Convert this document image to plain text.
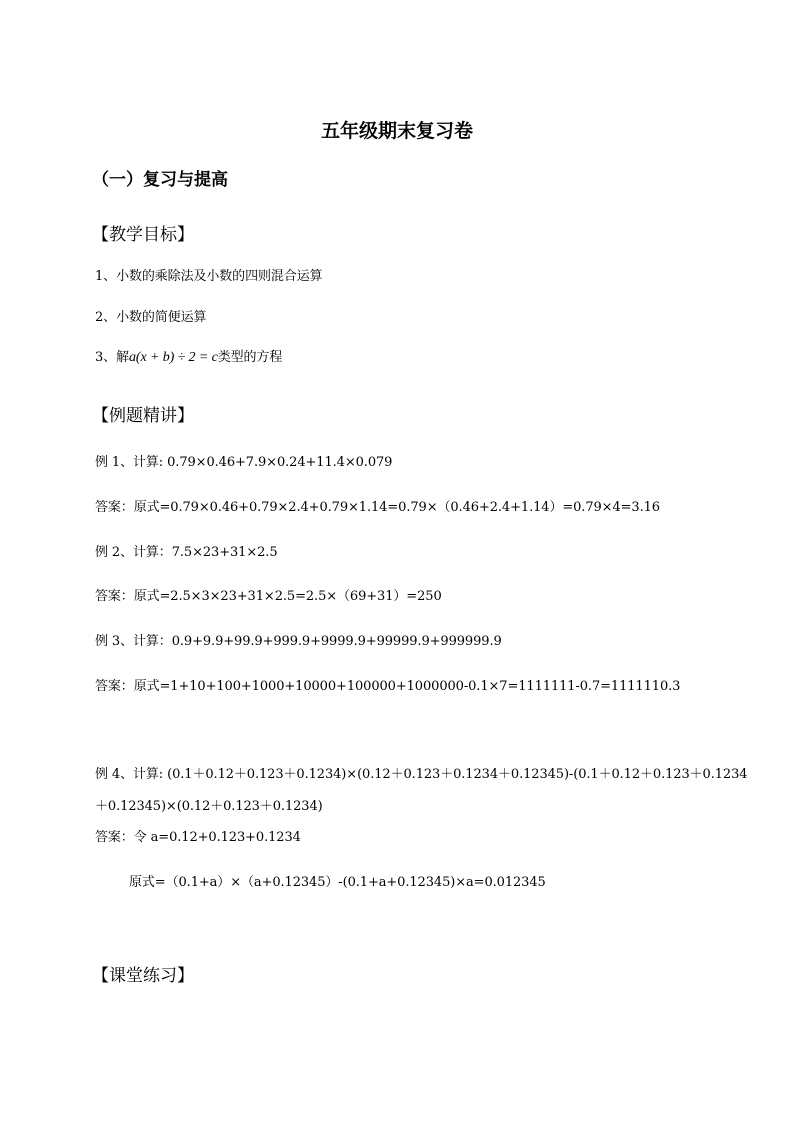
五年级期末复习卷
（一）复习与提高
【教学目标】
1、小数的乘除法及小数的四则混合运算
2、小数的简便运算
3、解a(x + b) ÷ 2 = c类型的方程
【例题精讲】
例 1、计算: 0.79×0.46+7.9×0.24+11.4×0.079
答案：原式=0.79×0.46+0.79×2.4+0.79×1.14=0.79×（0.46+2.4+1.14）=0.79×4=3.16
例 2、计算：7.5×23+31×2.5
答案：原式=2.5×3×23+31×2.5=2.5×（69+31）=250
例 3、计算：0.9+9.9+99.9+999.9+9999.9+99999.9+999999.9
答案：原式=1+10+100+1000+10000+100000+1000000-0.1×7=1111111-0.7=1111110.3
例 4、计算: (0.1＋0.12＋0.123＋0.1234)×(0.12＋0.123＋0.1234＋0.12345)-(0.1＋0.12＋0.123＋0.1234
＋0.12345)×(0.12＋0.123＋0.1234)
答案：令 a=0.12+0.123+0.1234
原式=（0.1+a）×（a+0.12345）-(0.1+a+0.12345)×a=0.012345
【课堂练习】
